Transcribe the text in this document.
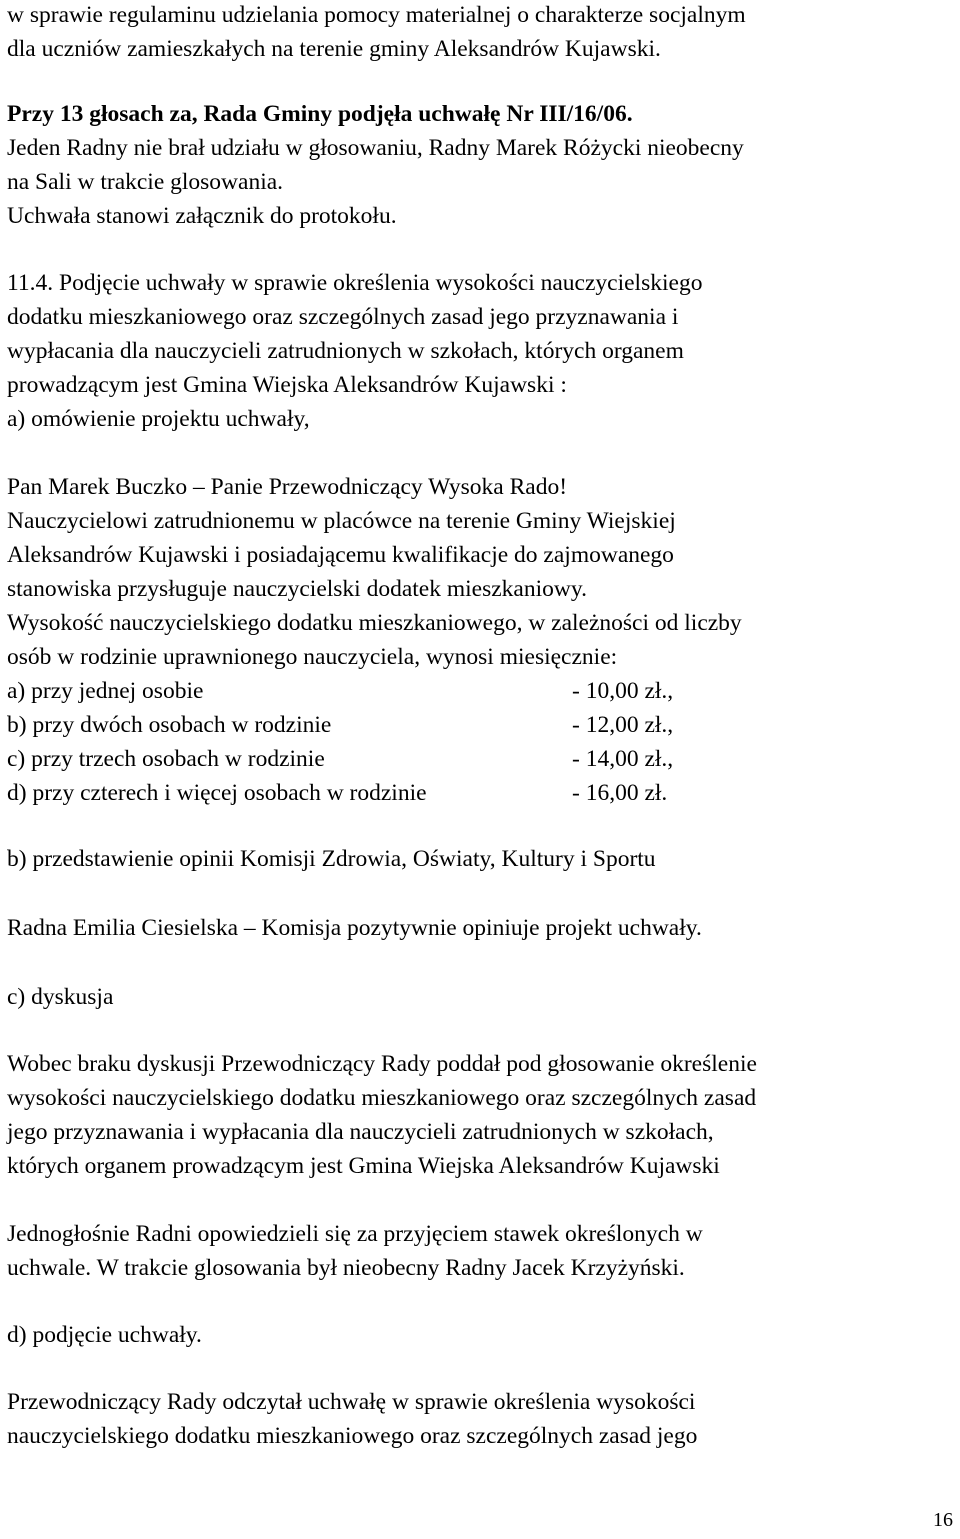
w sprawie regulaminu udzielania pomocy materialnej o charakterze socjalnym

dla uczniów zamieszkałych na terenie gminy Aleksandrów Kujawski.

Przy 13 głosach za, Rada Gminy podjęła uchwałę Nr III/16/06.

Jeden Radny nie brał udziału w głosowaniu, Radny Marek Różycki nieobecny

na Sali w trakcie glosowania.

Uchwała stanowi załącznik do protokołu.

11.4. Podjęcie uchwały w sprawie określenia wysokości nauczycielskiego

dodatku mieszkaniowego oraz szczególnych zasad jego przyznawania i

wypłacania dla nauczycieli zatrudnionych w szkołach, których organem

prowadzącym jest Gmina Wiejska Aleksandrów Kujawski :

a) omówienie projektu uchwały,

Pan Marek Buczko – Panie Przewodniczący Wysoka Rado!

Nauczycielowi zatrudnionemu w placówce na terenie Gminy Wiejskiej

Aleksandrów Kujawski i posiadającemu kwalifikacje do zajmowanego

stanowiska przysługuje nauczycielski dodatek mieszkaniowy.

Wysokość nauczycielskiego dodatku mieszkaniowego, w zależności od liczby

osób w rodzinie uprawnionego nauczyciela, wynosi miesięcznie:

a) przy jednej osobie	- 10,00 zł.,

b) przy dwóch osobach w rodzinie	- 12,00 zł.,

c) przy trzech osobach w rodzinie	- 14,00 zł.,

d) przy czterech i więcej osobach w rodzinie	- 16,00 zł.

b) przedstawienie opinii Komisji Zdrowia, Oświaty, Kultury i Sportu

Radna Emilia Ciesielska – Komisja pozytywnie opiniuje projekt uchwały.

c) dyskusja

Wobec braku dyskusji Przewodniczący Rady poddał pod głosowanie określenie

wysokości nauczycielskiego dodatku mieszkaniowego oraz szczególnych zasad

jego przyznawania i wypłacania dla nauczycieli zatrudnionych w szkołach,

których organem prowadzącym jest Gmina Wiejska Aleksandrów Kujawski

Jednogłośnie Radni opowiedzieli się za przyjęciem stawek określonych w

uchwale. W trakcie glosowania był nieobecny Radny Jacek Krzyżyński.

d) podjęcie uchwały.

Przewodniczący Rady odczytał uchwałę w sprawie określenia wysokości

nauczycielskiego dodatku mieszkaniowego oraz szczególnych zasad jego

16
